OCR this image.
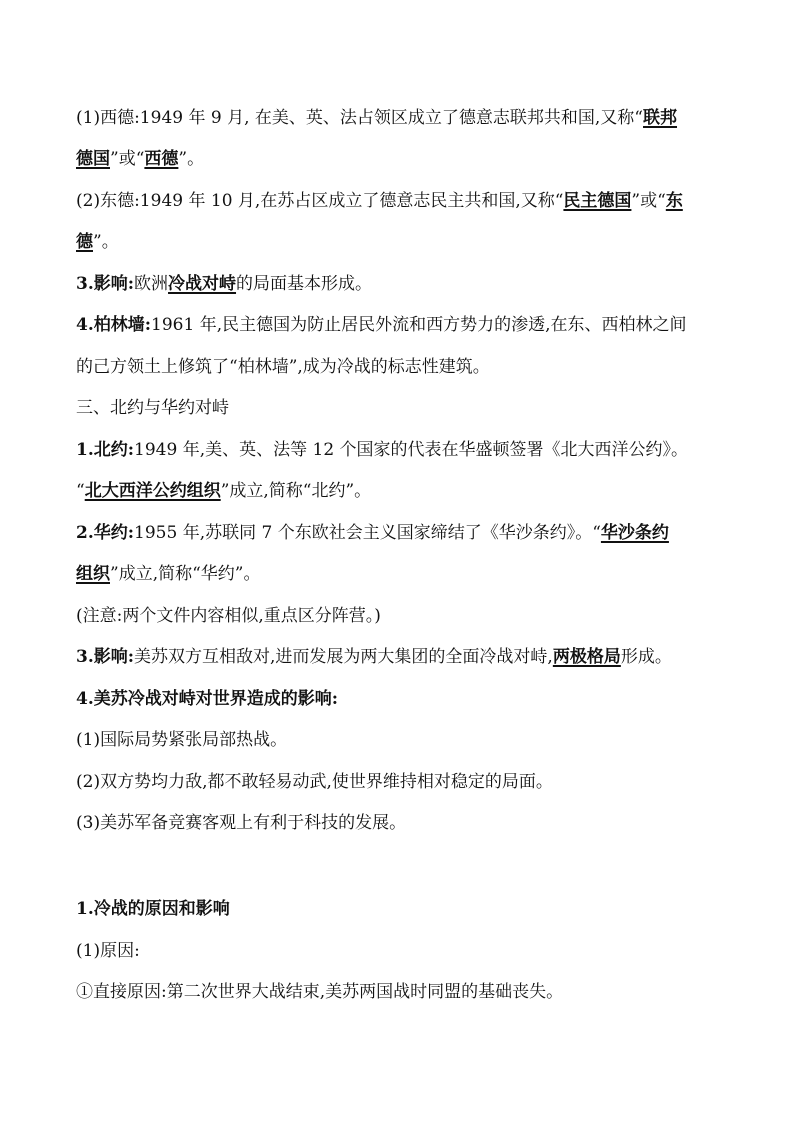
(1)西德:1949 年 9 月, 在美、英、法占领区成立了德意志联邦共和国,又称“联邦
德国”或“西德”。
(2)东德:1949 年 10 月,在苏占区成立了德意志民主共和国,又称“民主德国”或“东
德”。
3.影响:欧洲冷战对峙的局面基本形成。
4.柏林墙:1961 年,民主德国为防止居民外流和西方势力的渗透,在东、西柏林之间
的己方领土上修筑了“柏林墙”,成为冷战的标志性建筑。
三、北约与华约对峙
1.北约:1949 年,美、英、法等 12 个国家的代表在华盛顿签署《北大西洋公约》。
“北大西洋公约组织”成立,简称“北约”。
2.华约:1955 年,苏联同 7 个东欧社会主义国家缔结了《华沙条约》。“华沙条约
组织”成立,简称“华约”。
(注意:两个文件内容相似,重点区分阵营。)
3.影响:美苏双方互相敌对,进而发展为两大集团的全面冷战对峙,两极格局形成。
4.美苏冷战对峙对世界造成的影响:
(1)国际局势紧张局部热战。
(2)双方势均力敌,都不敢轻易动武,使世界维持相对稳定的局面。
(3)美苏军备竞赛客观上有利于科技的发展。
1.冷战的原因和影响
(1)原因:
①直接原因:第二次世界大战结束,美苏两国战时同盟的基础丧失。
